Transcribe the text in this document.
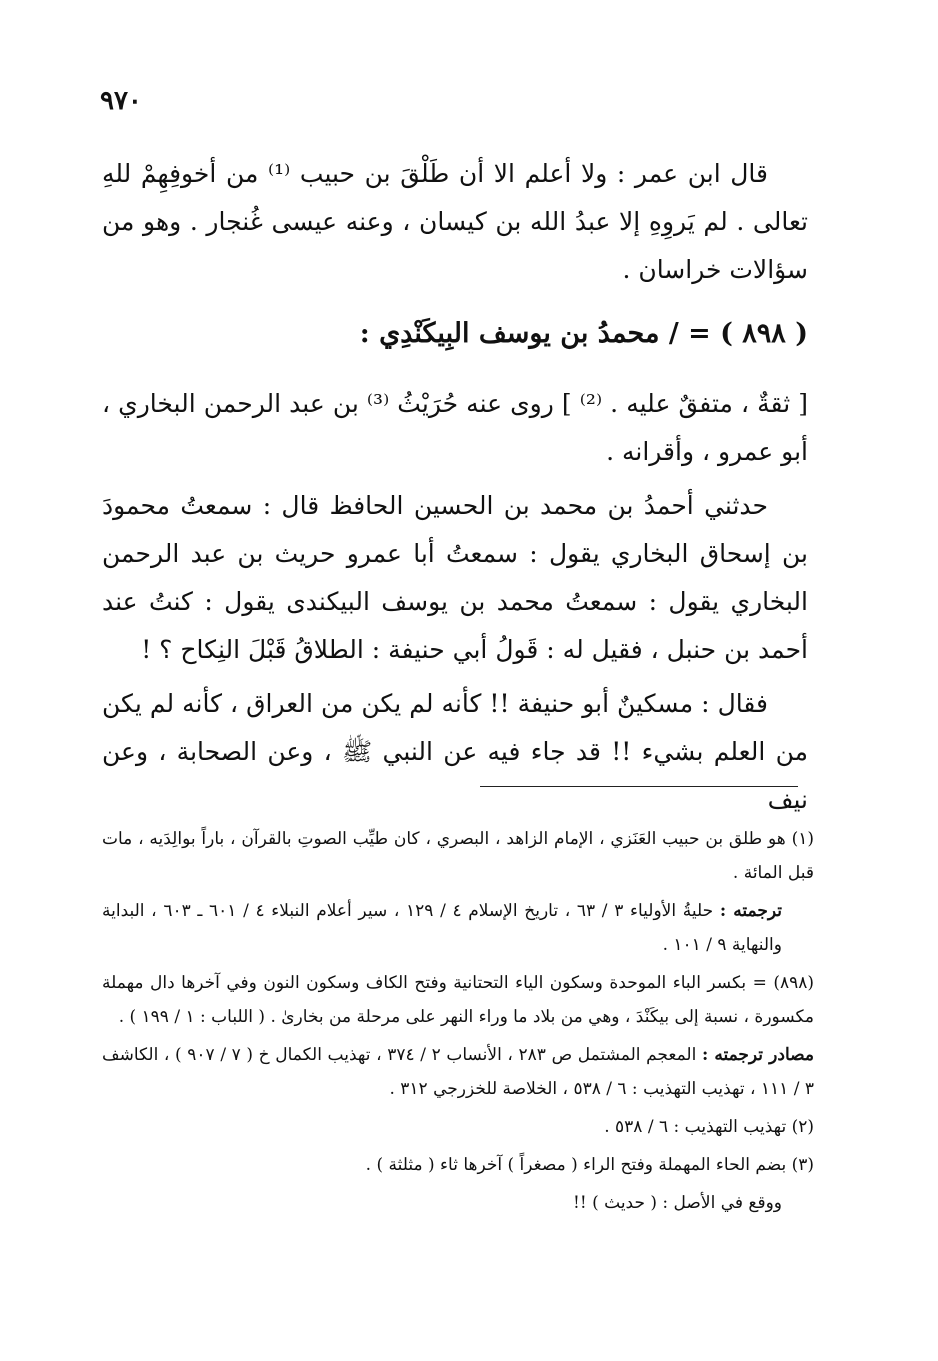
٩٧٠
قال ابن عمر : ولا أعلم الا أن طَلْقَ بن حبيب ⁽¹⁾ من أخوفِهِمْ للهِ تعالى . لم يَروِهِ إلا عبدُ الله بن كيسان ، وعنه عيسى غُنجار . وهو من سؤالات خراسان .
( ٨٩٨ ) = / محمدُ بن يوسف البِيكَنْدِي :
[ ثقةٌ ، متفقٌ عليه . ⁽²⁾ ] روى عنه حُرَيْثُ ⁽³⁾ بن عبد الرحمن البخاري ، أبو عمرو ، وأقرانه .
حدثني أحمدُ بن محمد بن الحسين الحافظ قال : سمعتُ محمودَ بن إسحاق البخاري يقول : سمعتُ أبا عمرو حريث بن عبد الرحمن البخاري يقول : سمعتُ محمد بن يوسف البيكندى يقول : كنتُ عند أحمد بن حنبل ، فقيل له : قَولُ أبي حنيفة : الطلاقُ قَبْلَ النِكاح ؟ !
فقال : مسكينٌ أبو حنيفة !! كأنه لم يكن من العراق ، كأنه لم يكن من العلم بشيء !! قد جاء فيه عن النبي ﷺ ، وعن الصحابة ، وعن نيف
(١) هو طلق بن حبيب العَنَزي ، الإمام الزاهد ، البصري ، كان طيِّب الصوتِ بالقرآن ، باراً بوالِدَيه ، مات قبل المائة .
ترجمته : حليةُ الأولياء ٣ / ٦٣ ، تاريخ الإسلام ٤ / ١٢٩ ، سير أعلام النبلاء ٤ / ٦٠١ ـ ٦٠٣ ، البداية والنهاية ٩ / ١٠١ .
(٨٩٨) = بكسر الباء الموحدة وسكون الياء التحتانية وفتح الكاف وسكون النون وفي آخرها دال مهملة مكسورة ، نسبة إلى بيكَنْدَ ، وهي من بلاد ما وراء النهر على مرحلة من بخارىٰ . ( اللباب : ١ / ١٩٩ ) .
مصادر ترجمته : المعجم المشتمل ص ٢٨٣ ، الأنساب ٢ / ٣٧٤ ، تهذيب الكمال خ ( ٧ / ٩٠٧ ) ، الكاشف ٣ / ١١١ ، تهذيب التهذيب : ٦ / ٥٣٨ ، الخلاصة للخزرجي ٣١٢ .
(٢) تهذيب التهذيب : ٦ / ٥٣٨ .
(٣) بضم الحاء المهملة وفتح الراء ( مصغراً ) آخرها ثاء ( مثلثة ) .
ووقع في الأصل : ( حديث ) !!
